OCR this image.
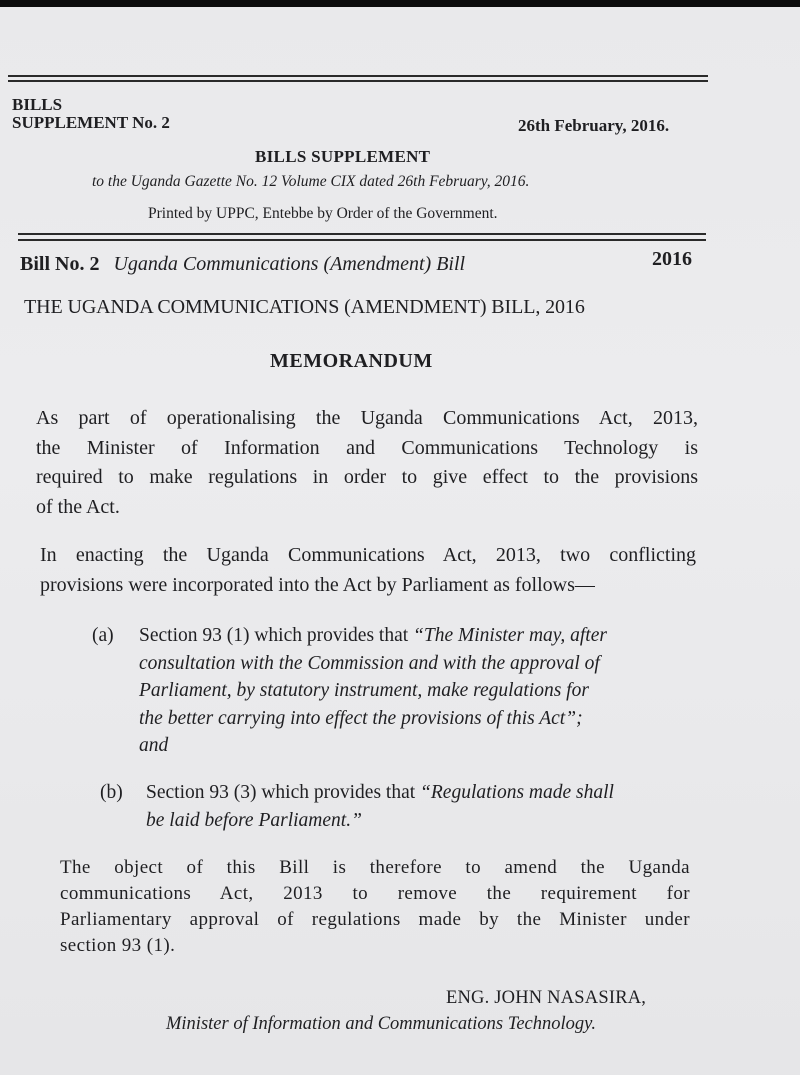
BILLS
SUPPLEMENT No. 2	26th February, 2016.
BILLS SUPPLEMENT
to the Uganda Gazette No. 12 Volume CIX dated 26th February, 2016.
Printed by UPPC, Entebbe by Order of the Government.
Bill No. 2 Uganda Communications (Amendment) Bill	2016
THE UGANDA COMMUNICATIONS (AMENDMENT) BILL, 2016
MEMORANDUM
As part of operationalising the Uganda Communications Act, 2013,
the Minister of Information and Communications Technology is
required to make regulations in order to give effect to the provisions
of the Act.
In enacting the Uganda Communications Act, 2013, two conflicting
provisions were incorporated into the Act by Parliament as follows—
(a) Section 93 (1) which provides that “The Minister may, after
consultation with the Commission and with the approval of
Parliament, by statutory instrument, make regulations for
the better carrying into effect the provisions of this Act”;
and
(b) Section 93 (3) which provides that “Regulations made shall
be laid before Parliament.”
The object of this Bill is therefore to amend the Uganda
communications Act, 2013 to remove the requirement for
Parliamentary approval of regulations made by the Minister under
section 93 (1).
ENG. JOHN NASASIRA,
Minister of Information and Communications Technology.
